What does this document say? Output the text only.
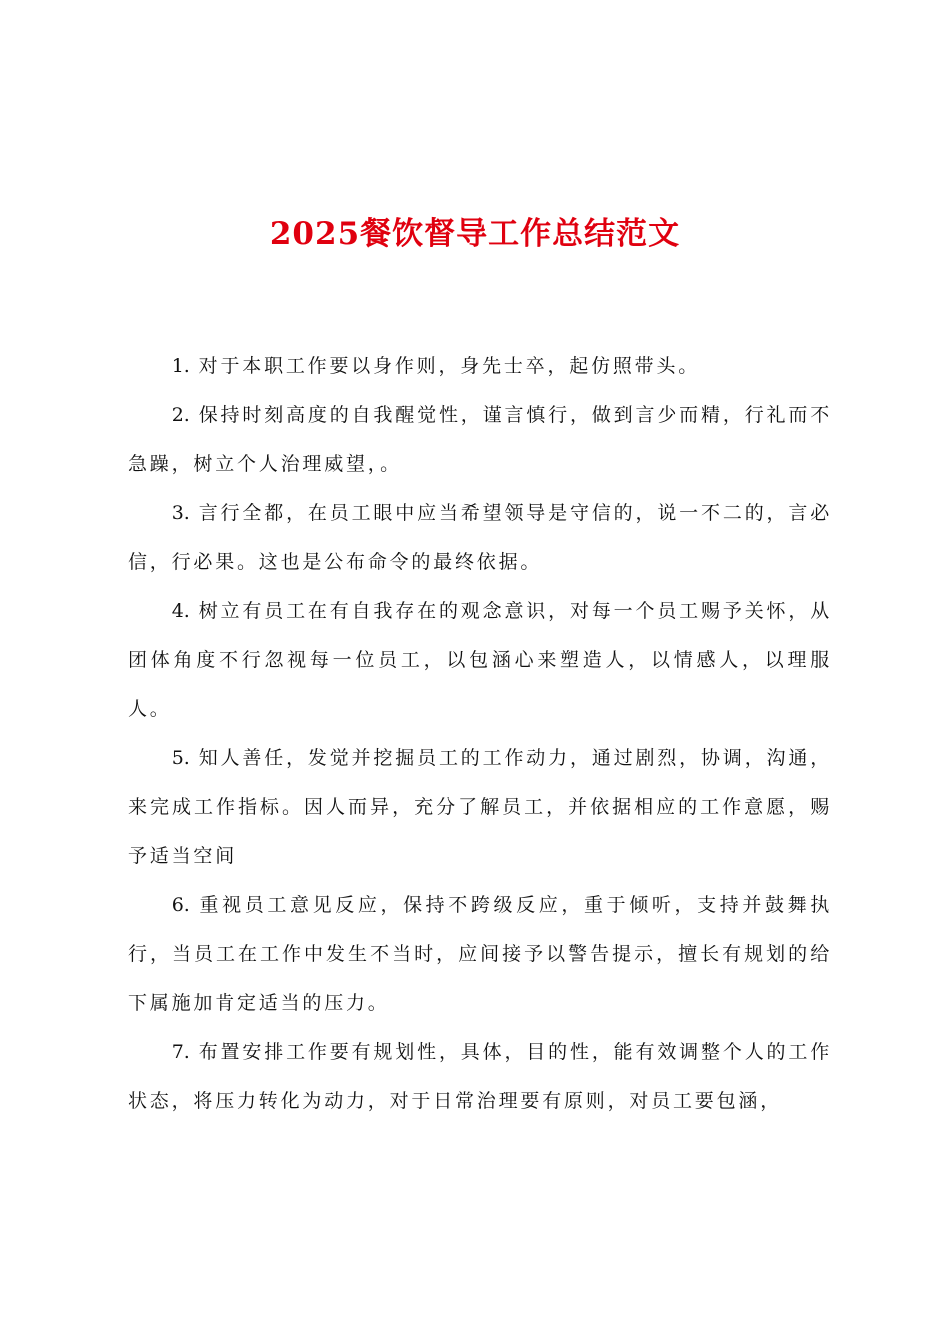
2025餐饮督导工作总结范文

1. 对于本职工作要以身作则，身先士卒，起仿照带头。

2. 保持时刻高度的自我醒觉性，谨言慎行，做到言少而精，行礼而不急躁，树立个人治理威望，。

3. 言行全都，在员工眼中应当希望领导是守信的，说一不二的，言必信，行必果。这也是公布命令的最终依据。

4. 树立有员工在有自我存在的观念意识，对每一个员工赐予关怀，从团体角度不行忽视每一位员工，以包涵心来塑造人，以情感人，以理服人。

5. 知人善任，发觉并挖掘员工的工作动力，通过剧烈，协调，沟通，来完成工作指标。因人而异，充分了解员工，并依据相应的工作意愿，赐予适当空间

6. 重视员工意见反应，保持不跨级反应，重于倾听，支持并鼓舞执行，当员工在工作中发生不当时，应间接予以警告提示，擅长有规划的给下属施加肯定适当的压力。

7. 布置安排工作要有规划性，具体，目的性，能有效调整个人的工作状态，将压力转化为动力，对于日常治理要有原则，对员工要包涵，
